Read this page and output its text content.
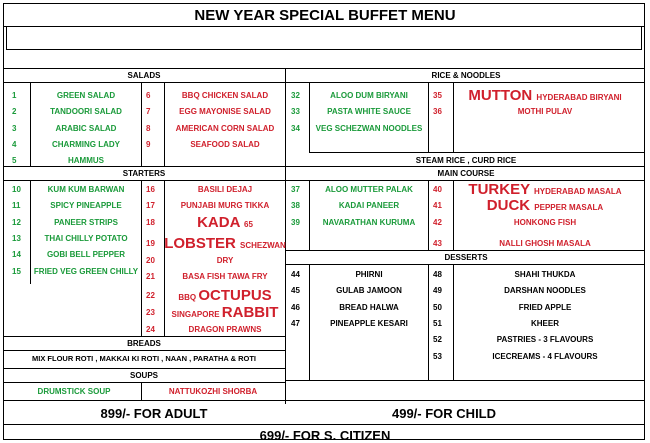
NEW YEAR SPECIAL BUFFET MENU
SALADS	RICE & NOODLES
1	GREEN SALAD
2	TANDOORI SALAD
3	ARABIC SALAD
4	CHARMING LADY
5	HAMMUS
6	BBQ CHICKEN SALAD
7	EGG MAYONISE SALAD
8	AMERICAN CORN SALAD
9	SEAFOOD SALAD
32	ALOO DUM BIRYANI
33	PASTA WHITE SAUCE
34 VEG SCHEZWAN NOODLES
35 MUTTON HYDERABAD BIRYANI
36	MOTHI PULAV
STEAM RICE , CURD RICE
STARTERS	MAIN COURSE
10	KUM KUM BARWAN
11	SPICY PINEAPPLE
12	PANEER STRIPS
13	THAI CHILLY POTATO
14	GOBI BELL PEPPER
15 FRIED VEG GREEN CHILLY
16	BASILI DEJAJ
17	PUNJABI MURG TIKKA
18	KADA 65
19 LOBSTER SCHEZWAN
20	DRY
21	BASA FISH TAWA FRY
22	BBQ OCTUPUS
23 SINGAPORE RABBIT
24	DRAGON PRAWNS
37	ALOO MUTTER PALAK
38	KADAI PANEER
39	NAVARATHAN KURUMA
40 TURKEY HYDERABAD MASALA
41	DUCK PEPPER MASALA
42	HONKONG FISH
43	NALLI GHOSH MASALA
DESSERTS
44	PHIRNI
45	GULAB JAMOON
46	BREAD HALWA
47	PINEAPPLE KESARI
48	SHAHI THUKDA
49	DARSHAN NOODLES
50	FRIED APPLE
51	KHEER
52	PASTRIES - 3 FLAVOURS
53	ICECREAMS - 4 FLAVOURS
BREADS
MIX FLOUR ROTI , MAKKAI KI ROTI , NAAN , PARATHA & ROTI
SOUPS
DRUMSTICK SOUP	NATTUKOZHI SHORBA
899/- FOR ADULT	499/- FOR CHILD
699/- FOR S. CITIZEN
